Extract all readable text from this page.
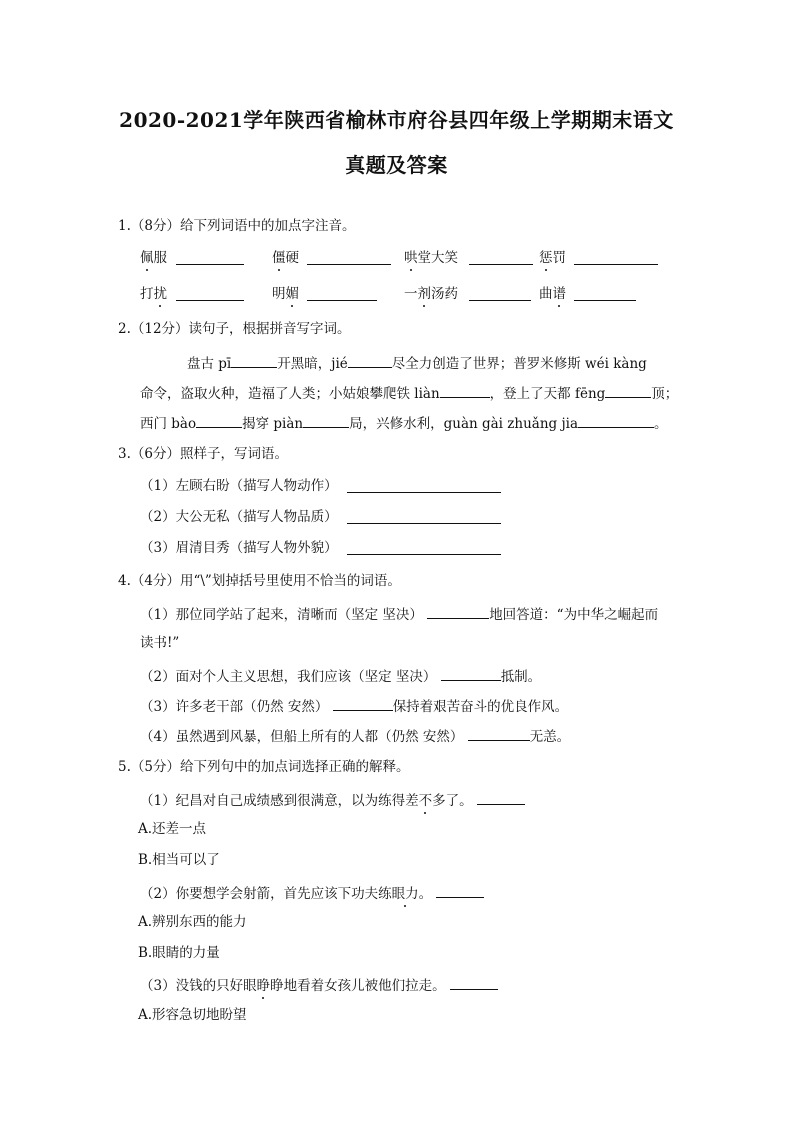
2020-2021学年陕西省榆林市府谷县四年级上学期期末语文
真题及答案
1.（8分）给下列词语中的加点字注音。
佩服	僵硬	哄堂大笑	惩罚
打扰	明媚	一剂汤药	曲谱
2.（12分）读句子，根据拼音写字词。
盘古 pī	开黑暗，jié	尽全力创造了世界；普罗米修斯 wéi kàng
命令，盗取火种，造福了人类；小姑娘攀爬铁 liàn	，登上了天都 fēng	顶；
西门 bào	揭穿 piàn	局，兴修水利，guàn gài zhuǎng jia	。
3.（6分）照样子，写词语。
（1）左顾右盼（描写人物动作）
（2）大公无私（描写人物品质）
（3）眉清目秀（描写人物外貌）
4.（4分）用“\”划掉括号里使用不恰当的词语。
（1）那位同学站了起来，清晰而（坚定 坚决）	地回答道：“为中华之崛起而
读书!”
（2）面对个人主义思想，我们应该（坚定 坚决）	抵制。
（3）许多老干部（仍然 安然）	保持着艰苦奋斗的优良作风。
（4）虽然遇到风暴，但船上所有的人都（仍然 安然）	无恙。
5.（5分）给下列句中的加点词选择正确的解释。
（1）纪昌对自己成绩感到很满意，以为练得差不多了。
A.还差一点
B.相当可以了
（2）你要想学会射箭，首先应该下功夫练眼力。
A.辨别东西的能力
B.眼睛的力量
（3）没钱的只好眼睁睁地看着女孩儿被他们拉走。
A.形容急切地盼望
